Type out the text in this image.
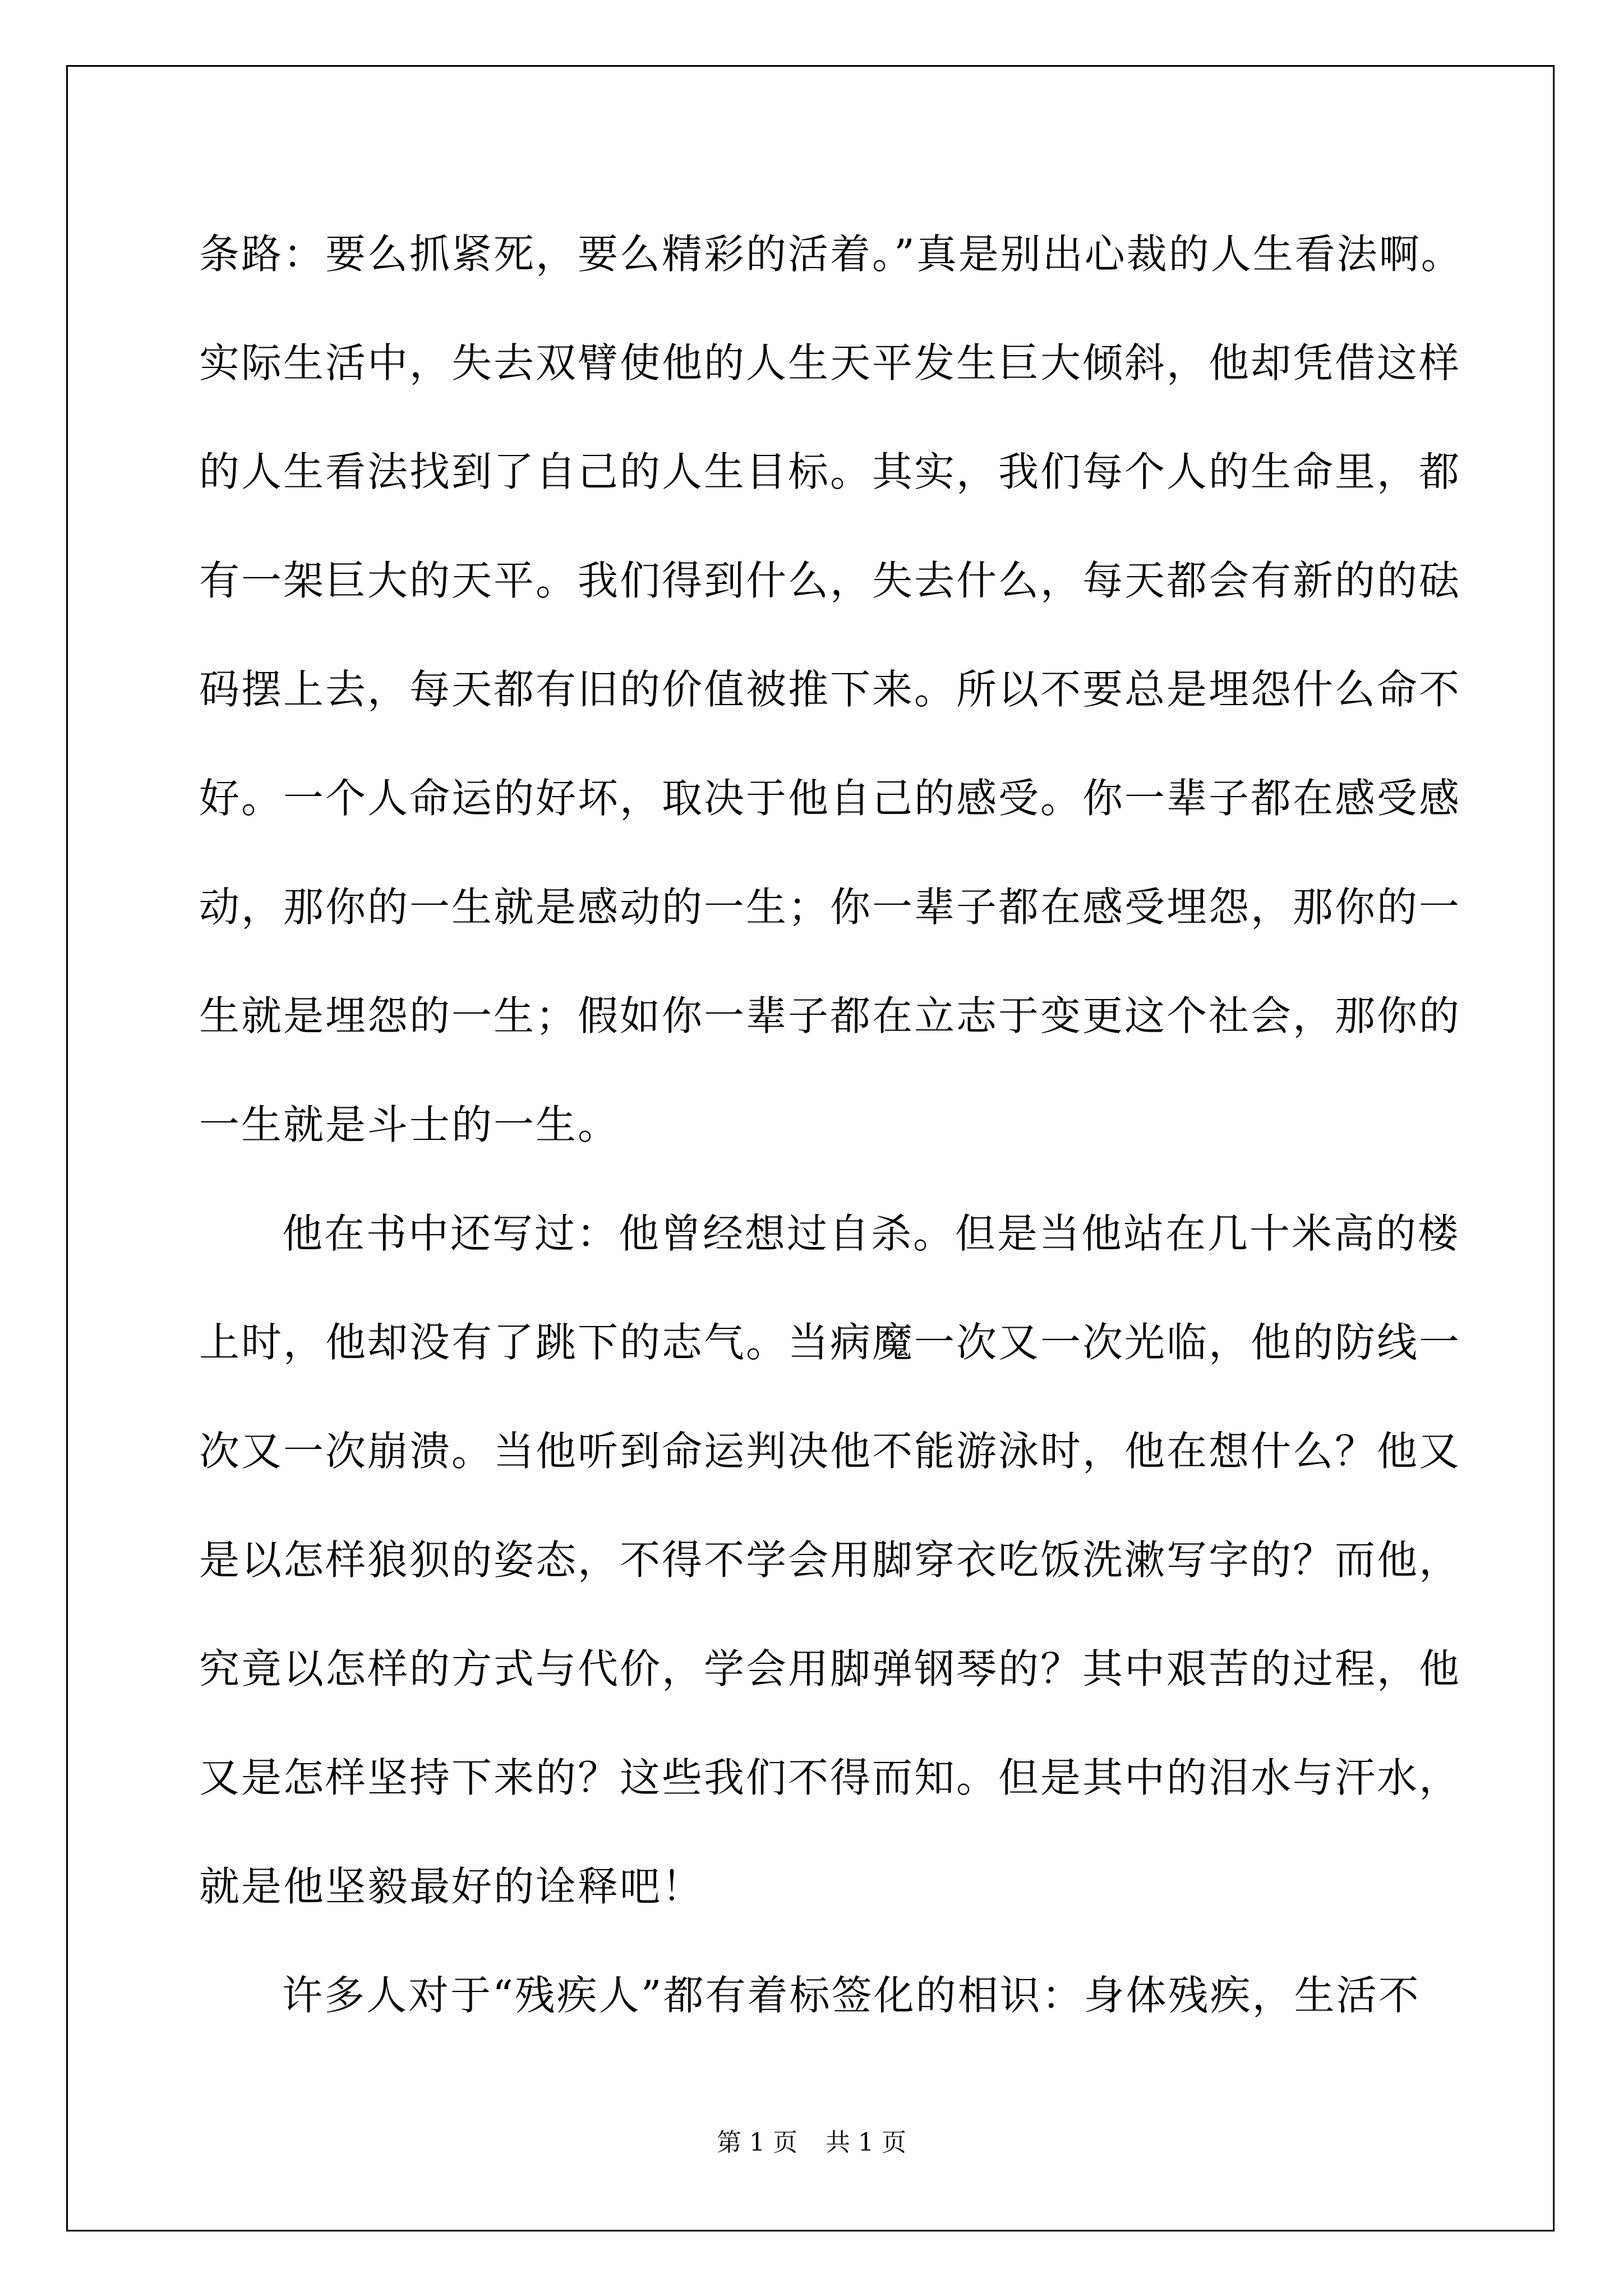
条路：要么抓紧死，要么精彩的活着。”真是别出心裁的人生看法啊。
实际生活中，失去双臂使他的人生天平发生巨大倾斜，他却凭借这样
的人生看法找到了自己的人生目标。其实，我们每个人的生命里，都
有一架巨大的天平。我们得到什么，失去什么，每天都会有新的的砝
码摆上去，每天都有旧的价值被推下来。所以不要总是埋怨什么命不
好。一个人命运的好坏，取决于他自己的感受。你一辈子都在感受感
动，那你的一生就是感动的一生；你一辈子都在感受埋怨，那你的一
生就是埋怨的一生；假如你一辈子都在立志于变更这个社会，那你的
一生就是斗士的一生。
他在书中还写过：他曾经想过自杀。但是当他站在几十米高的楼
上时，他却没有了跳下的志气。当病魔一次又一次光临，他的防线一
次又一次崩溃。当他听到命运判决他不能游泳时，他在想什么？他又
是以怎样狼狈的姿态，不得不学会用脚穿衣吃饭洗漱写字的？而他，
究竟以怎样的方式与代价，学会用脚弹钢琴的？其中艰苦的过程，他
又是怎样坚持下来的？这些我们不得而知。但是其中的泪水与汗水，
就是他坚毅最好的诠释吧！
许多人对于“残疾人”都有着标签化的相识：身体残疾，生活不
第 1 页 共 1 页
